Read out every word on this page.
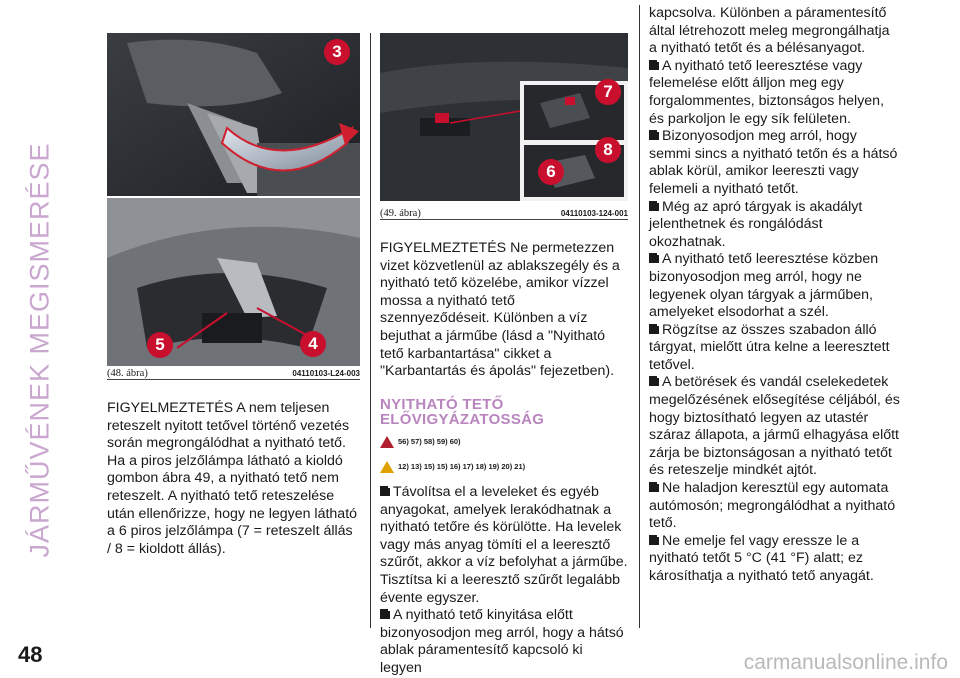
JÁRMŰVÉNEK MEGISMERÉSE
3
5	4
(48. ábra)	04110103-L24-003
7
8
6
(49. ábra)	04110103-124-001

FIGYELMEZTETÉS A nem teljesen reteszelt nyitott tetővel történő vezetés során megrongálódhat a nyitható tető. Ha a piros jelzőlámpa látható a kioldó gombon ábra 49, a nyitható tető nem reteszelt. A nyitható tető reteszelése után ellenőrizze, hogy ne legyen látható a 6 piros jelzőlámpa (7 = reteszelt állás / 8 = kioldott állás).

FIGYELMEZTETÉS Ne permetezzen vizet közvetlenül az ablakszegély és a nyitható tető közelébe, amikor vízzel mossa a nyitható tető szennyeződéseit. Különben a víz bejuthat a járműbe (lásd a "Nyitható tető karbantartása" cikket a "Karbantartás és ápolás" fejezetben).

NYITHATÓ TETŐ
ELŐVIGYÁZATOSSÁG
56) 57) 58) 59) 60)
12) 13) 15) 15) 16) 17) 18) 19) 20) 21)

Távolítsa el a leveleket és egyéb anyagokat, amelyek lerakódhatnak a nyitható tetőre és körülötte. Ha levelek vagy más anyag tömíti el a leeresztő szűrőt, akkor a víz befolyhat a járműbe. Tisztítsa ki a leeresztő szűrőt legalább évente egyszer.

A nyitható tető kinyitása előtt bizonyosodjon meg arról, hogy a hátsó ablak páramentesítő kapcsoló ki legyen

kapcsolva. Különben a páramentesítő által létrehozott meleg megrongálhatja a nyitható tetőt és a bélésanyagot.

A nyitható tető leeresztése vagy felemelése előtt álljon meg egy forgalommentes, biztonságos helyen, és parkoljon le egy sík felületen.

Bizonyosodjon meg arról, hogy semmi sincs a nyitható tetőn és a hátsó ablak körül, amikor leereszti vagy felemeli a nyitható tetőt.

Még az apró tárgyak is akadályt jelenthetnek és rongálódást okozhatnak.

A nyitható tető leeresztése közben bizonyosodjon meg arról, hogy ne legyenek olyan tárgyak a járműben, amelyeket elsodorhat a szél.

Rögzítse az összes szabadon álló tárgyat, mielőtt útra kelne a leeresztett tetővel.

A betörések és vandál cselekedetek megelőzésének elősegítése céljából, és hogy biztosítható legyen az utastér száraz állapota, a jármű elhagyása előtt zárja be biztonságosan a nyitható tetőt és reteszelje mindkét ajtót.

Ne haladjon keresztül egy automata autómosón; megrongálódhat a nyitható tető.

Ne emelje fel vagy eressze le a nyitható tetőt 5 °C (41 °F) alatt; ez károsíthatja a nyitható tető anyagát.

48	carmanualsonline.info
